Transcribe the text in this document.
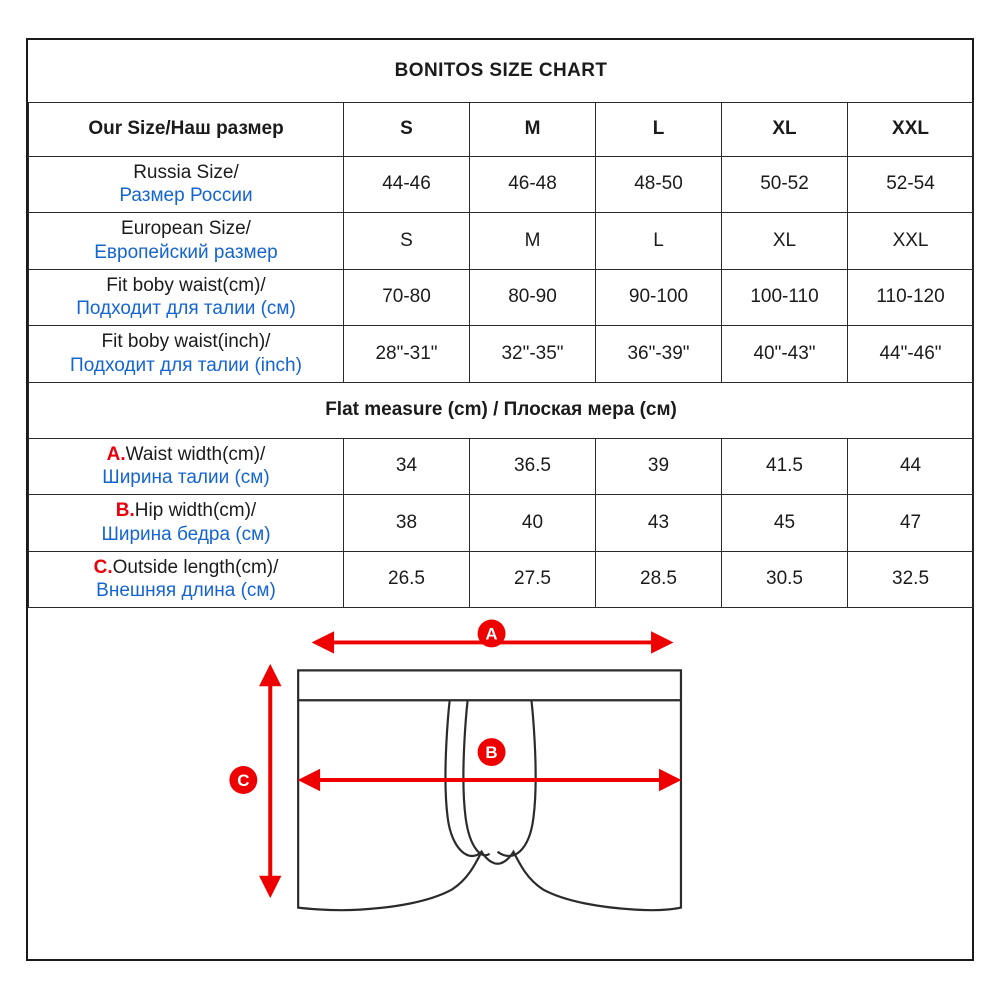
BONITOS SIZE CHART					
Our Size/Наш размер	S	M	L	XL	XXL

Russia Size/
Размер России	44-46	46-48	48-50	50-52	52-54

European Size/
Европейский размер	S	M	L	XL	XXL

Fit boby waist(cm)/
Подходит для талии (см)	70-80	80-90	90-100	100-110	110-120

Fit boby waist(inch)/
Подходит для талии (inch)	28"-31"	32"-35"	36"-39"	40"-43"	44"-46"
Flat measure (cm) / Плоская мера (см)					

A.Waist width(cm)/
Ширина талии (см)	34	36.5	39	41.5	44

B.Hip width(cm)/
Ширина бедра (см)	38	40	43	45	47

C.Outside length(cm)/
Внешняя длина (см)	26.5	27.5	28.5	30.5	32.5

A
B
C					
